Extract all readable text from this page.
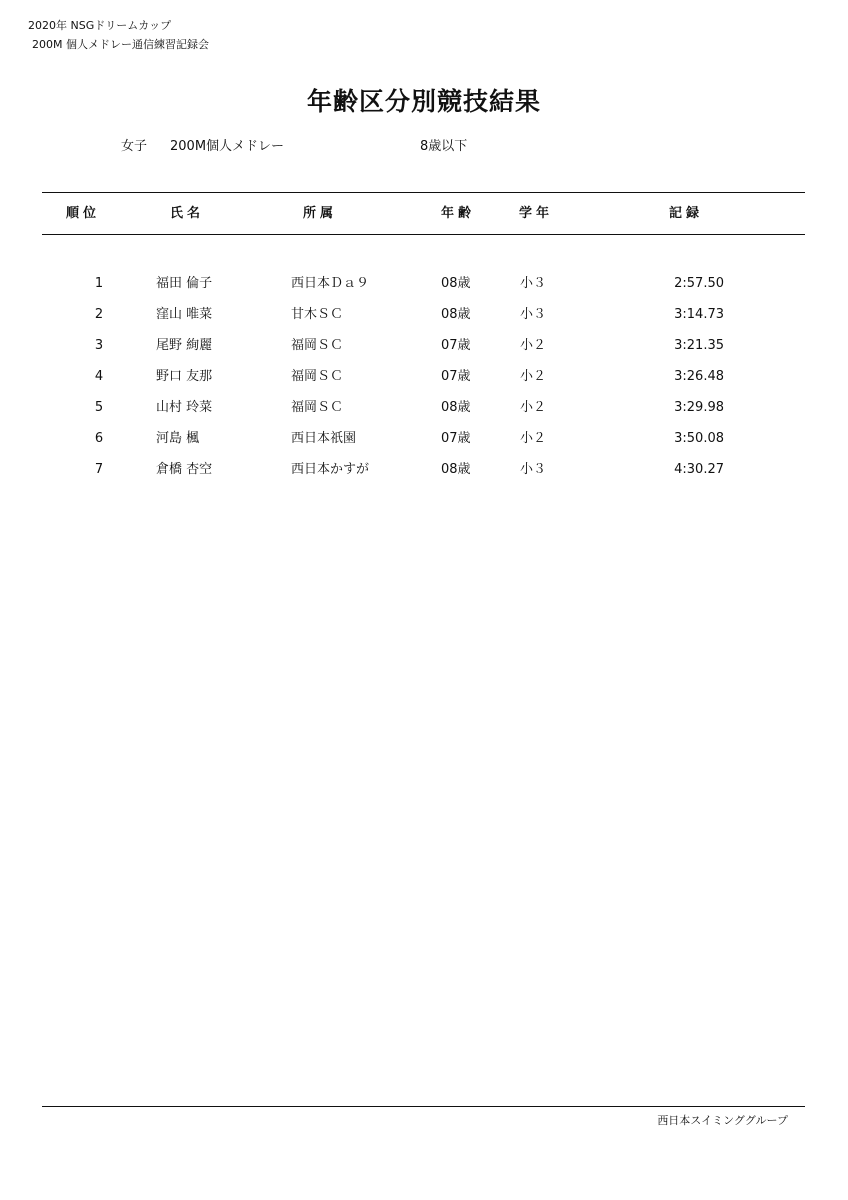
2020年 NSGドリームカップ
200M 個人メドレー通信練習記録会
年齢区分別競技結果
女子 200M個人メドレー	8歳以下
順位	氏名	所属	年齢	学年	記録
1	福田 倫子	西日本Ｄａ９	08歳	小３	2:57.50
2	窪山 唯菜	甘木ＳＣ	08歳	小３	3:14.73
3	尾野 絢麗	福岡ＳＣ	07歳	小２	3:21.35
4	野口 友那	福岡ＳＣ	07歳	小２	3:26.48
5	山村 玲菜	福岡ＳＣ	08歳	小２	3:29.98
6	河島 楓	西日本祇園	07歳	小２	3:50.08
7	倉橋 杏空	西日本かすが	08歳	小３	4:30.27
西日本スイミンググループ
